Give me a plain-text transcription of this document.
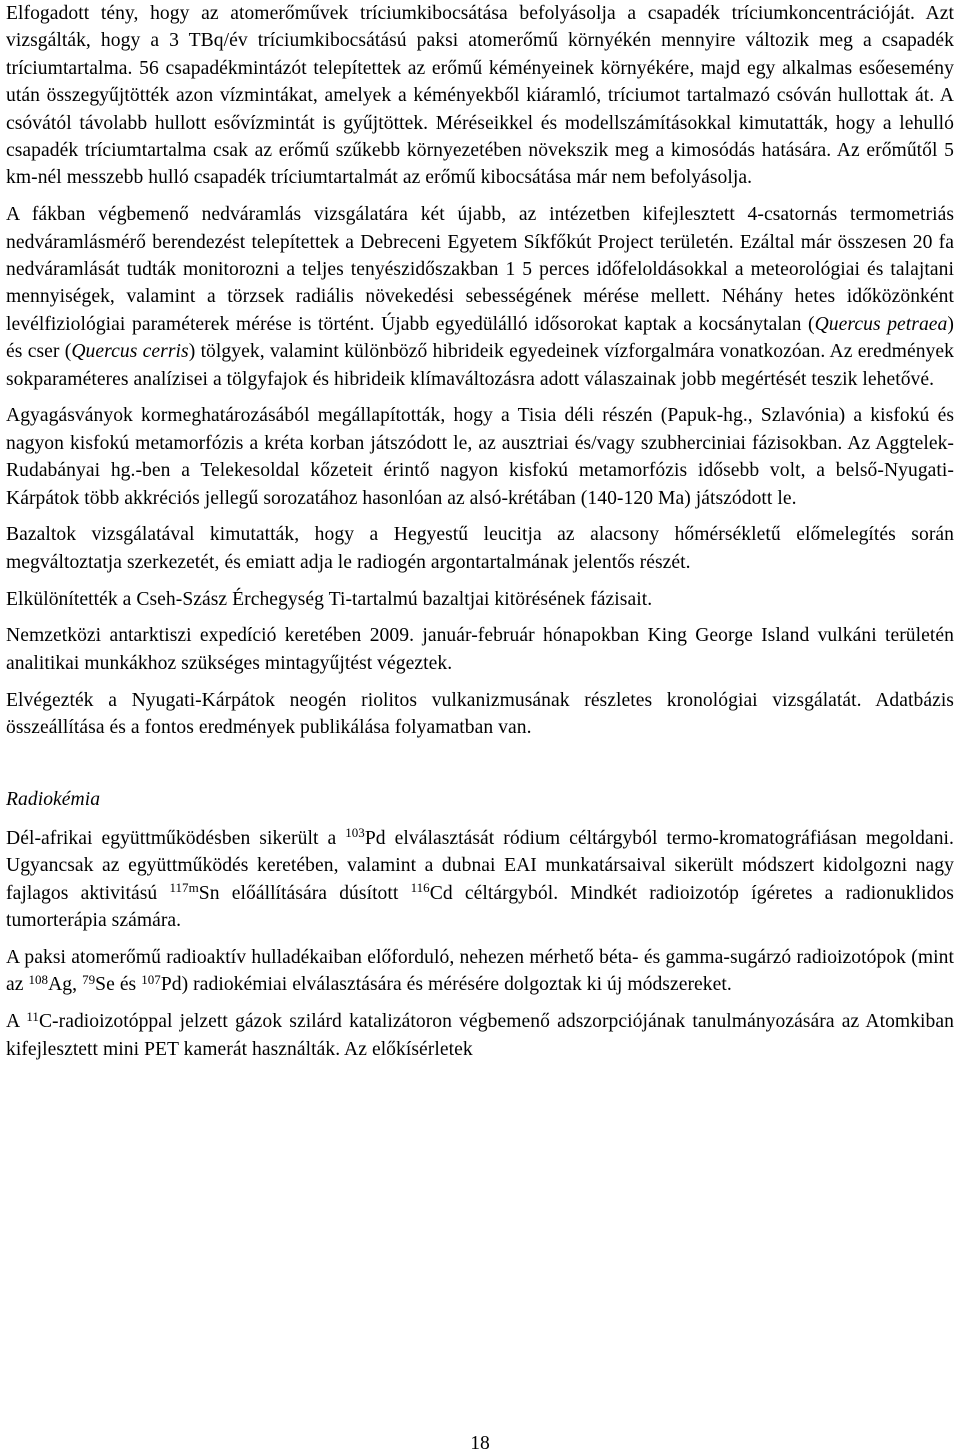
Elfogadott tény, hogy az atomerőművek tríciumkibocsátása befolyásolja a csapadék tríciumkoncentrációját. Azt vizsgálták, hogy a 3 TBq/év tríciumkibocsátású paksi atomerőmű környékén mennyire változik meg a csapadék tríciumtartalma. 56 csapadékmintázót telepítettek az erőmű kéményeinek környékére, majd egy alkalmas esőesemény után összegyűjtötték azon vízmintákat, amelyek a kéményekből kiáramló, tríciumot tartalmazó csóván hullottak át. A csóvától távolabb hullott esővízmintát is gyűjtöttek. Méréseikkel és modellszámításokkal kimutatták, hogy a lehulló csapadék tríciumtartalma csak az erőmű szűkebb környezetében növekszik meg a kimosódás hatására. Az erőműtől 5 km-nél messzebb hulló csapadék tríciumtartalmát az erőmű kibocsátása már nem befolyásolja.

A fákban végbemenő nedváramlás vizsgálatára két újabb, az intézetben kifejlesztett 4-csatornás termometriás nedváramlásmérő berendezést telepítettek a Debreceni Egyetem Síkfőkút Project területén. Ezáltal már összesen 20 fa nedváramlását tudták monitorozni a teljes tenyészidőszakban 1 5 perces időfeloldásokkal a meteorológiai és talajtani mennyiségek, valamint a törzsek radiális növekedési sebességének mérése mellett. Néhány hetes időközönként levélfiziológiai paraméterek mérése is történt. Újabb egyedülálló idősorokat kaptak a kocsánytalan (Quercus petraea) és cser (Quercus cerris) tölgyek, valamint különböző hibrideik egyedeinek vízforgalmára vonatkozóan. Az eredmények sokparaméteres analízisei a tölgyfajok és hibrideik klímaváltozásra adott válaszainak jobb megértését teszik lehetővé.

Agyagásványok kormeghatározásából megállapították, hogy a Tisia déli részén (Papuk-hg., Szlavónia) a kisfokú és nagyon kisfokú metamorfózis a kréta korban játszódott le, az ausztriai és/vagy szubherciniai fázisokban. Az Aggtelek-Rudabányai hg.-ben a Telekesoldal kőzeteit érintő nagyon kisfokú metamorfózis idősebb volt, a belső-Nyugati-Kárpátok több akkréciós jellegű sorozatához hasonlóan az alsó-krétában (140-120 Ma) játszódott le.

Bazaltok vizsgálatával kimutatták, hogy a Hegyestű leucitja az alacsony hőmérsékletű előmelegítés során megváltoztatja szerkezetét, és emiatt adja le radiogén argontartalmának jelentős részét.

Elkülönítették a Cseh-Szász Érchegység Ti-tartalmú bazaltjai kitörésének fázisait.

Nemzetközi antarktiszi expedíció keretében 2009. január-február hónapokban King George Island vulkáni területén analitikai munkákhoz szükséges mintagyűjtést végeztek.

Elvégezték a Nyugati-Kárpátok neogén riolitos vulkanizmusának részletes kronológiai vizsgálatát. Adatbázis összeállítása és a fontos eredmények publikálása folyamatban van.

Radiokémia

Dél-afrikai együttműködésben sikerült a $^{103}$Pd elválasztását ródium céltárgyból termo-kromatográfiásan megoldani. Ugyancsak az együttműködés keretében, valamint a dubnai EAI munkatársaival sikerült módszert kidolgozni nagy fajlagos aktivitású $^{117m}$Sn előállítására dúsított $^{116}$Cd céltárgyból. Mindkét radioizotóp ígéretes a radionuklidos tumorterápia számára.

A paksi atomerőmű radioaktív hulladékaiban előforduló, nehezen mérhető béta- és gamma-sugárzó radioizotópok (mint az $^{108}$Ag, $^{79}$Se és $^{107}$Pd) radiokémiai elválasztására és mérésére dolgoztak ki új módszereket.

A $^{11}$C-radioizotóppal jelzett gázok szilárd katalizátoron végbemenő adszorpciójának tanulmányozására az Atomkiban kifejlesztett mini PET kamerát használták. Az előkísérletek

18
